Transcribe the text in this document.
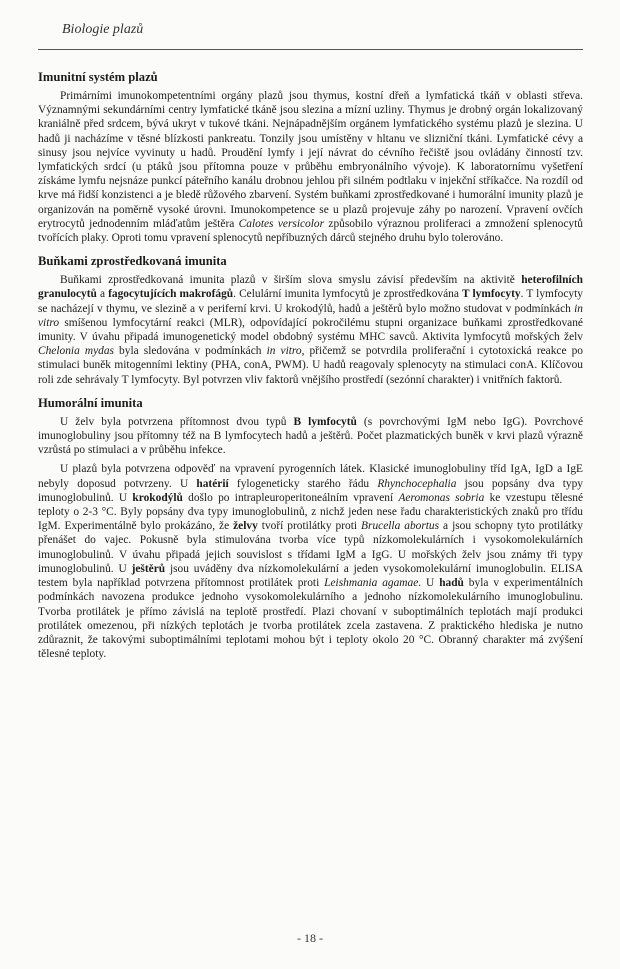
Biologie plazů
Imunitní systém plazů

Primárními imunokompetentními orgány plazů jsou thymus, kostní dřeň a lymfatická tkáň v oblasti střeva. Významnými sekundárními centry lymfatické tkáně jsou slezina a mízní uzliny. Thymus je drobný orgán lokalizovaný kraniálně před srdcem, bývá ukryt v tukové tkáni. Nejnápadnějším orgánem lymfatického systému plazů je slezina. U hadů ji nacházíme v těsné blízkosti pankreatu. Tonzily jsou umístěny v hltanu ve slizniční tkáni. Lymfatické cévy a sinusy jsou nejvíce vyvinuty u hadů. Proudění lymfy i její návrat do cévního řečiště jsou ovládány činností tzv. lymfatických srdcí (u ptáků jsou přítomna pouze v průběhu embryonálního vývoje). K laboratornímu vyšetření získáme lymfu nejsnáze punkcí páteřního kanálu drobnou jehlou při silném podtlaku v injekční stříkačce. Na rozdíl od krve má řidší konzistenci a je bledě růžového zbarvení. Systém buňkami zprostředkované i humorální imunity plazů je organizován na poměrně vysoké úrovni. Imunokompetence se u plazů projevuje záhy po narození. Vpravení ovčích erytrocytů jednodenním mláďatům ještěra Calotes versicolor způsobilo výraznou proliferaci a zmnožení splenocytů tvořících plaky. Oproti tomu vpravení splenocytů nepříbuzných dárců stejného druhu bylo tolerováno.

Buňkami zprostředkovaná imunita

Buňkami zprostředkovaná imunita plazů v širším slova smyslu závisí především na aktivitě heterofilních granulocytů a fagocytujících makrofágů. Celulární imunita lymfocytů je zprostředkována T lymfocyty. T lymfocyty se nacházejí v thymu, ve slezině a v periferní krvi. U krokodýlů, hadů a ještěrů bylo možno studovat v podmínkách in vitro smíšenou lymfocytární reakci (MLR), odpovídající pokročilému stupni organizace buňkami zprostředkované imunity. V úvahu připadá imunogenetický model obdobný systému MHC savců. Aktivita lymfocytů mořských želv Chelonia mydas byla sledována v podmínkách in vitro, přičemž se potvrdila proliferační i cytotoxická reakce po stimulaci buněk mitogenními lektiny (PHA, conA, PWM). U hadů reagovaly splenocyty na stimulaci conA. Klíčovou roli zde sehrávaly T lymfocyty. Byl potvrzen vliv faktorů vnějšího prostředí (sezónní charakter) i vnitřních faktorů.

Humorální imunita

U želv byla potvrzena přítomnost dvou typů B lymfocytů (s povrchovými IgM nebo IgG). Povrchové imunoglobuliny jsou přítomny též na B lymfocytech hadů a ještěrů. Počet plazmatických buněk v krvi plazů výrazně vzrůstá po stimulaci a v průběhu infekce.

U plazů byla potvrzena odpověď na vpravení pyrogenních látek. Klasické imunoglobuliny tříd IgA, IgD a IgE nebyly doposud potvrzeny. U hatérií fylogeneticky starého řádu Rhynchocephalia jsou popsány dva typy imunoglobulinů. U krokodýlů došlo po intrapleuroperitoneálním vpravení Aeromonas sobria ke vzestupu tělesné teploty o 2-3 °C. Byly popsány dva typy imunoglobulinů, z nichž jeden nese řadu charakteristických znaků pro třídu IgM. Experimentálně bylo prokázáno, že želvy tvoří protilátky proti Brucella abortus a jsou schopny tyto protilátky přenášet do vajec. Pokusně byla stimulována tvorba více typů nízkomolekulárních i vysokomolekulárních imunoglobulinů. V úvahu připadá jejich souvislost s třídami IgM a IgG. U mořských želv jsou známy tři typy imunoglobulinů. U ještěrů jsou uváděny dva nízkomolekulární a jeden vysokomolekulární imunoglobulin. ELISA testem byla například potvrzena přítomnost protilátek proti Leishmania agamae. U hadů byla v experimentálních podmínkách navozena produkce jednoho vysokomolekulárního a jednoho nízkomolekulárního imunoglobulinu. Tvorba protilátek je přímo závislá na teplotě prostředí. Plazi chovaní v suboptimálních teplotách mají produkci protilátek omezenou, při nízkých teplotách je tvorba protilátek zcela zastavena. Z praktického hlediska je nutno zdůraznit, že takovými suboptimálními teplotami mohou být i teploty okolo 20 °C. Obranný charakter má zvýšení tělesné teploty.

- 18 -
